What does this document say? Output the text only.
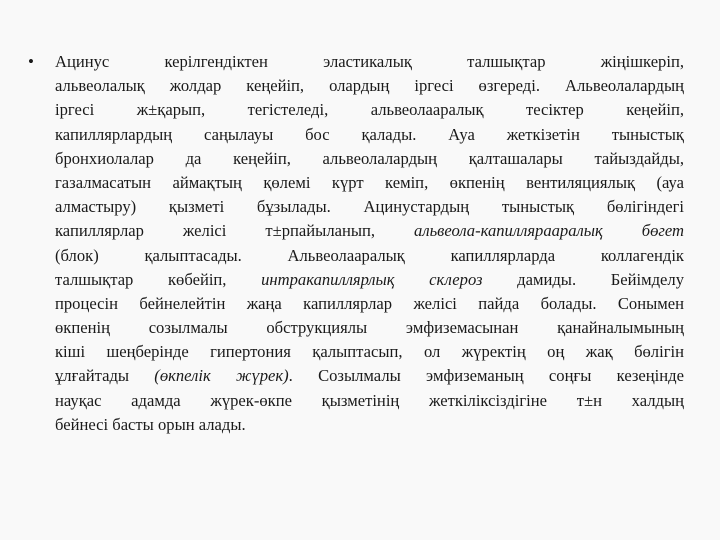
•	Ацинус керілгендіктен эластикалық талшықтар жіңішкеріп,
альвеолалық жолдар кеңейіп, олардың іргесі өзгереді. Альвеолалардың
іргесі ж±қарып, тегістеледі, альвеолааралық тесіктер кеңейіп,
капиллярлардың саңылауы бос қалады. Ауа жеткізетін тыныстық
бронхиолалар да кеңейіп, альвеолалардың қалташалары тайыздайды,
газалмасатын аймақтың қөлемі күрт кеміп, өкпенің вентиляциялық (ауа
алмастыру) қызметі бұзылады. Ацинустардың тыныстық бөлігіндегі
капиллярлар желісі т±рпайыланып, альвеола-капиллярааралық бөгет
(блок) қалыптасады. Альвеолааралық капиллярларда коллагендік
талшықтар көбейіп, интракапиллярлық склероз дамиды. Бейімделу
процесін бейнелейтін жаңа капиллярлар желісі пайда болады. Сонымен
өкпенің созылмалы обструкциялы эмфиземасынан қанайналымының
кіші шеңберінде гипертония қалыптасып, ол жүректің оң жақ бөлігін
ұлғайтады (өкпелік жүрек). Созылмалы эмфиземаның соңғы кезеңінде
науқас адамда жүрек-өкпе қызметінің жеткіліксіздігіне т±н халдың
бейнесі басты орын алады.
